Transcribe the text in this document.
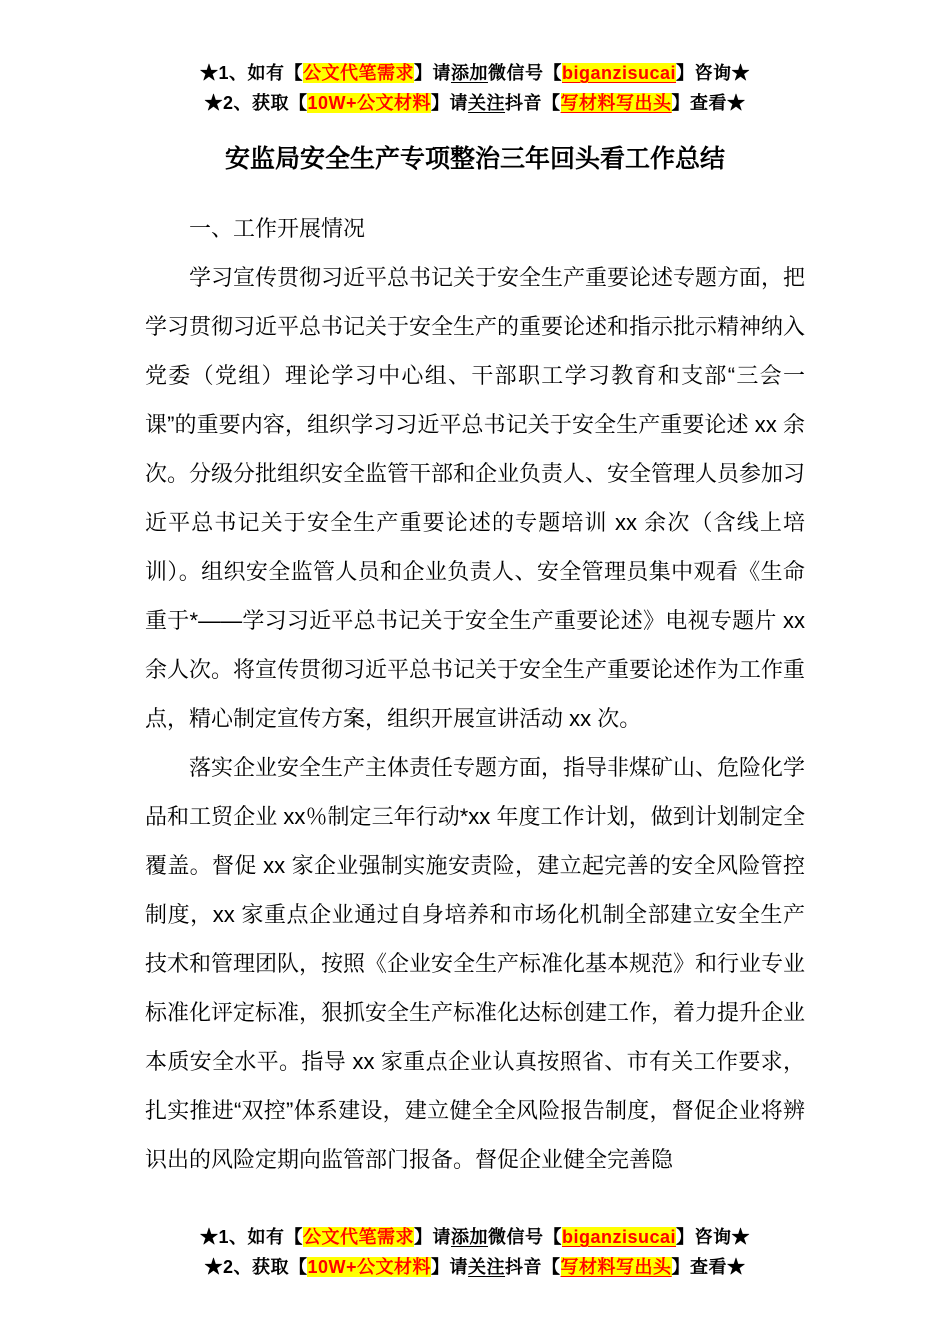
★1、如有【公文代笔需求】请添加微信号【biganzisucai】咨询★
★2、获取【10W+公文材料】请关注抖音【写材料写出头】查看★
安监局安全生产专项整治三年回头看工作总结

一、工作开展情况

学习宣传贯彻习近平总书记关于安全生产重要论述专题方面，把学习贯彻习近平总书记关于安全生产的重要论述和指示批示精神纳入党委（党组）理论学习中心组、干部职工学习教育和支部“三会一课”的重要内容，组织学习习近平总书记关于安全生产重要论述 xx 余次。分级分批组织安全监管干部和企业负责人、安全管理人员参加习近平总书记关于安全生产重要论述的专题培训 xx 余次（含线上培训）。组织安全监管人员和企业负责人、安全管理员集中观看《生命重于*——学习习近平总书记关于安全生产重要论述》电视专题片 xx 余人次。将宣传贯彻习近平总书记关于安全生产重要论述作为工作重点，精心制定宣传方案，组织开展宣讲活动 xx 次。

落实企业安全生产主体责任专题方面，指导非煤矿山、危险化学品和工贸企业 xx％制定三年行动*xx 年度工作计划，做到计划制定全覆盖。督促 xx 家企业强制实施安责险，建立起完善的安全风险管控制度，xx 家重点企业通过自身培养和市场化机制全部建立安全生产技术和管理团队，按照《企业安全生产标准化基本规范》和行业专业标准化评定标准，狠抓安全生产标准化达标创建工作，着力提升企业本质安全水平。指导 xx 家重点企业认真按照省、市有关工作要求，扎实推进“双控”体系建设，建立健全全风险报告制度，督促企业将辨识出的风险定期向监管部门报备。督促企业健全完善隐

★1、如有【公文代笔需求】请添加微信号【biganzisucai】咨询★
★2、获取【10W+公文材料】请关注抖音【写材料写出头】查看★
